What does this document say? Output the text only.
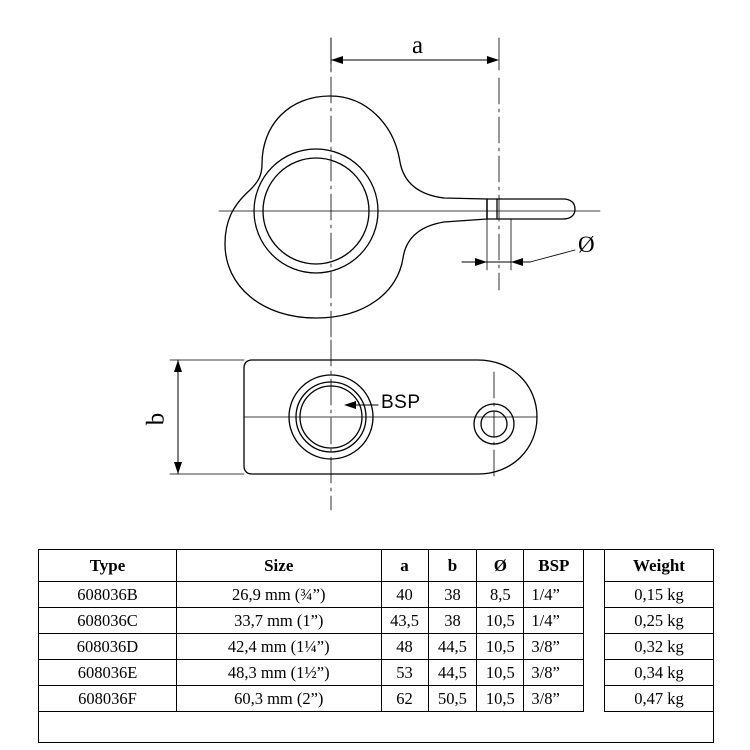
a
b
Ø
BSP
Type	Size	a	b	Ø	BSP		Weight
608036B	26,9 mm (¾”)	40	38	8,5	1/4”		0,15 kg
608036C	33,7 mm (1”)	43,5	38	10,5	1/4”		0,25 kg
608036D	42,4 mm (1¼”)	48	44,5	10,5	3/8”		0,32 kg
608036E	48,3 mm (1½”)	53	44,5	10,5	3/8”		0,34 kg
608036F	60,3 mm (2”)	62	50,5	10,5	3/8”		0,47 kg
